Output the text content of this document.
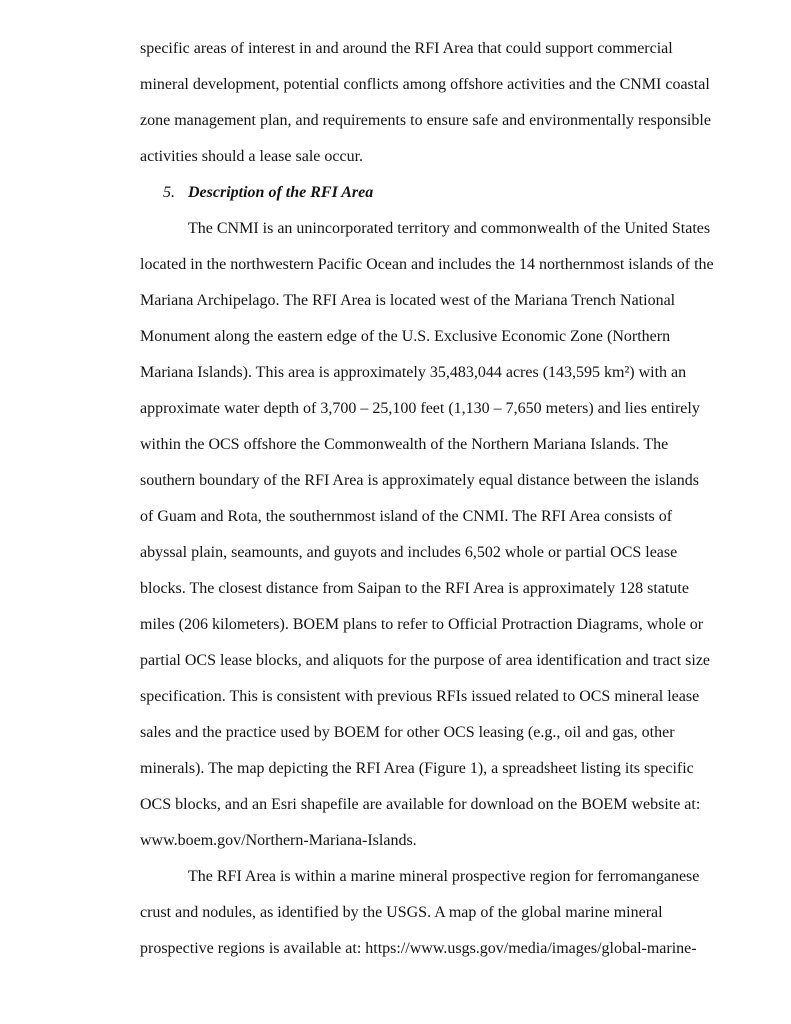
specific areas of interest in and around the RFI Area that could support commercial
mineral development, potential conflicts among offshore activities and the CNMI coastal
zone management plan, and requirements to ensure safe and environmentally responsible
activities should a lease sale occur.
5. Description of the RFI Area
The CNMI is an unincorporated territory and commonwealth of the United States
located in the northwestern Pacific Ocean and includes the 14 northernmost islands of the
Mariana Archipelago. The RFI Area is located west of the Mariana Trench National
Monument along the eastern edge of the U.S. Exclusive Economic Zone (Northern
Mariana Islands). This area is approximately 35,483,044 acres (143,595 km²) with an
approximate water depth of 3,700 – 25,100 feet (1,130 – 7,650 meters) and lies entirely
within the OCS offshore the Commonwealth of the Northern Mariana Islands. The
southern boundary of the RFI Area is approximately equal distance between the islands
of Guam and Rota, the southernmost island of the CNMI. The RFI Area consists of
abyssal plain, seamounts, and guyots and includes 6,502 whole or partial OCS lease
blocks. The closest distance from Saipan to the RFI Area is approximately 128 statute
miles (206 kilometers). BOEM plans to refer to Official Protraction Diagrams, whole or
partial OCS lease blocks, and aliquots for the purpose of area identification and tract size
specification. This is consistent with previous RFIs issued related to OCS mineral lease
sales and the practice used by BOEM for other OCS leasing (e.g., oil and gas, other
minerals). The map depicting the RFI Area (Figure 1), a spreadsheet listing its specific
OCS blocks, and an Esri shapefile are available for download on the BOEM website at:
www.boem.gov/Northern-Mariana-Islands.
The RFI Area is within a marine mineral prospective region for ferromanganese
crust and nodules, as identified by the USGS. A map of the global marine mineral
prospective regions is available at: https://www.usgs.gov/media/images/global-marine-
